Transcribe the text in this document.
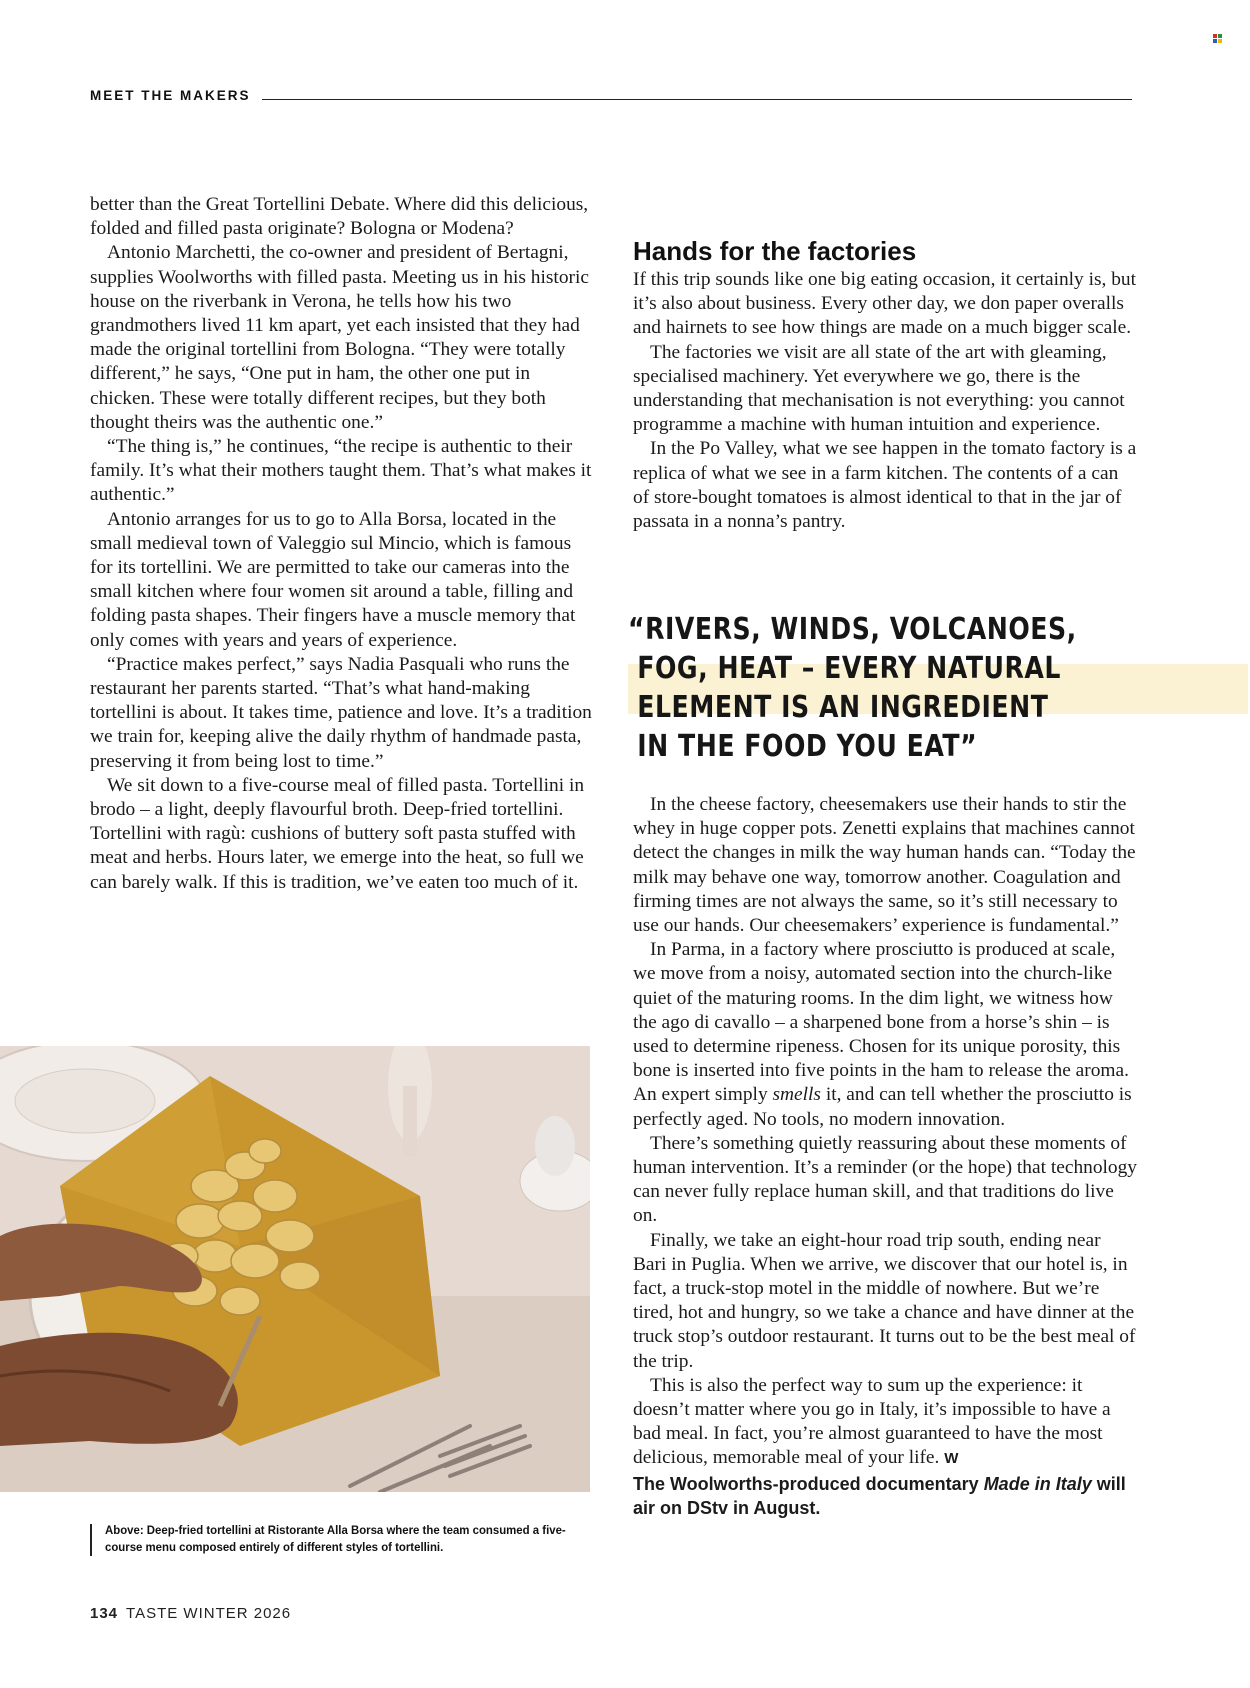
MEET THE MAKERS

better than the Great Tortellini Debate. Where did this delicious, folded and filled pasta originate? Bologna or Modena?

Antonio Marchetti, the co-owner and president of Bertagni, supplies Woolworths with filled pasta. Meeting us in his historic house on the riverbank in Verona, he tells how his two grandmothers lived 11 km apart, yet each insisted that they had made the original tortellini from Bologna. “They were totally different,” he says, “One put in ham, the other one put in chicken. These were totally different recipes, but they both thought theirs was the authentic one.”

“The thing is,” he continues, “the recipe is authentic to their family. It’s what their mothers taught them. That’s what makes it authentic.”

Antonio arranges for us to go to Alla Borsa, located in the small medieval town of Valeggio sul Mincio, which is famous for its tortellini. We are permitted to take our cameras into the small kitchen where four women sit around a table, filling and folding pasta shapes. Their fingers have a muscle memory that only comes with years and years of experience.

“Practice makes perfect,” says Nadia Pasquali who runs the restaurant her parents started. “That’s what hand-making tortellini is about. It takes time, patience and love. It’s a tradition we train for, keeping alive the daily rhythm of handmade pasta, preserving it from being lost to time.”

We sit down to a five-course meal of filled pasta. Tortellini in brodo – a light, deeply flavourful broth. Deep-fried tortellini. Tortellini with ragù: cushions of buttery soft pasta stuffed with meat and herbs. Hours later, we emerge into the heat, so full we can barely walk. If this is tradition, we’ve eaten too much of it.

Hands for the factories

If this trip sounds like one big eating occasion, it certainly is, but it’s also about business. Every other day, we don paper overalls and hairnets to see how things are made on a much bigger scale.

The factories we visit are all state of the art with gleaming, specialised machinery. Yet everywhere we go, there is the understanding that mechanisation is not everything: you cannot programme a machine with human intuition and experience.

In the Po Valley, what we see happen in the tomato factory is a replica of what we see in a farm kitchen. The contents of a can of store-bought tomatoes is almost identical to that in the jar of passata in a nonna’s pantry.

“RIVERS, WINDS, VOLCANOES,
FOG, HEAT – EVERY NATURAL
ELEMENT IS AN INGREDIENT
IN THE FOOD YOU EAT”

In the cheese factory, cheesemakers use their hands to stir the whey in huge copper pots. Zenetti explains that machines cannot detect the changes in milk the way human hands can. “Today the milk may behave one way, tomorrow another. Coagulation and firming times are not always the same, so it’s still necessary to use our hands. Our cheesemakers’ experience is fundamental.”

In Parma, in a factory where prosciutto is produced at scale, we move from a noisy, automated section into the church-like quiet of the maturing rooms. In the dim light, we witness how the ago di cavallo – a sharpened bone from a horse’s shin – is used to determine ripeness. Chosen for its unique porosity, this bone is inserted into five points in the ham to release the aroma. An expert simply smells it, and can tell whether the prosciutto is perfectly aged. No tools, no modern innovation.

There’s something quietly reassuring about these moments of human intervention. It’s a reminder (or the hope) that technology can never fully replace human skill, and that traditions do live on.

Finally, we take an eight-hour road trip south, ending near Bari in Puglia. When we arrive, we discover that our hotel is, in fact, a truck-stop motel in the middle of nowhere. But we’re tired, hot and hungry, so we take a chance and have dinner at the truck stop’s outdoor restaurant. It turns out to be the best meal of the trip.

This is also the perfect way to sum up the experience: it doesn’t matter where you go in Italy, it’s impossible to have a bad meal. In fact, you’re almost guaranteed to have the most delicious, memorable meal of your life. W

The Woolworths-produced documentary Made in Italy will air on DStv in August.

Above: Deep-fried tortellini at Ristorante Alla Borsa where the team consumed a five-course menu composed entirely of different styles of tortellini.
134 TASTE WINTER 2026
